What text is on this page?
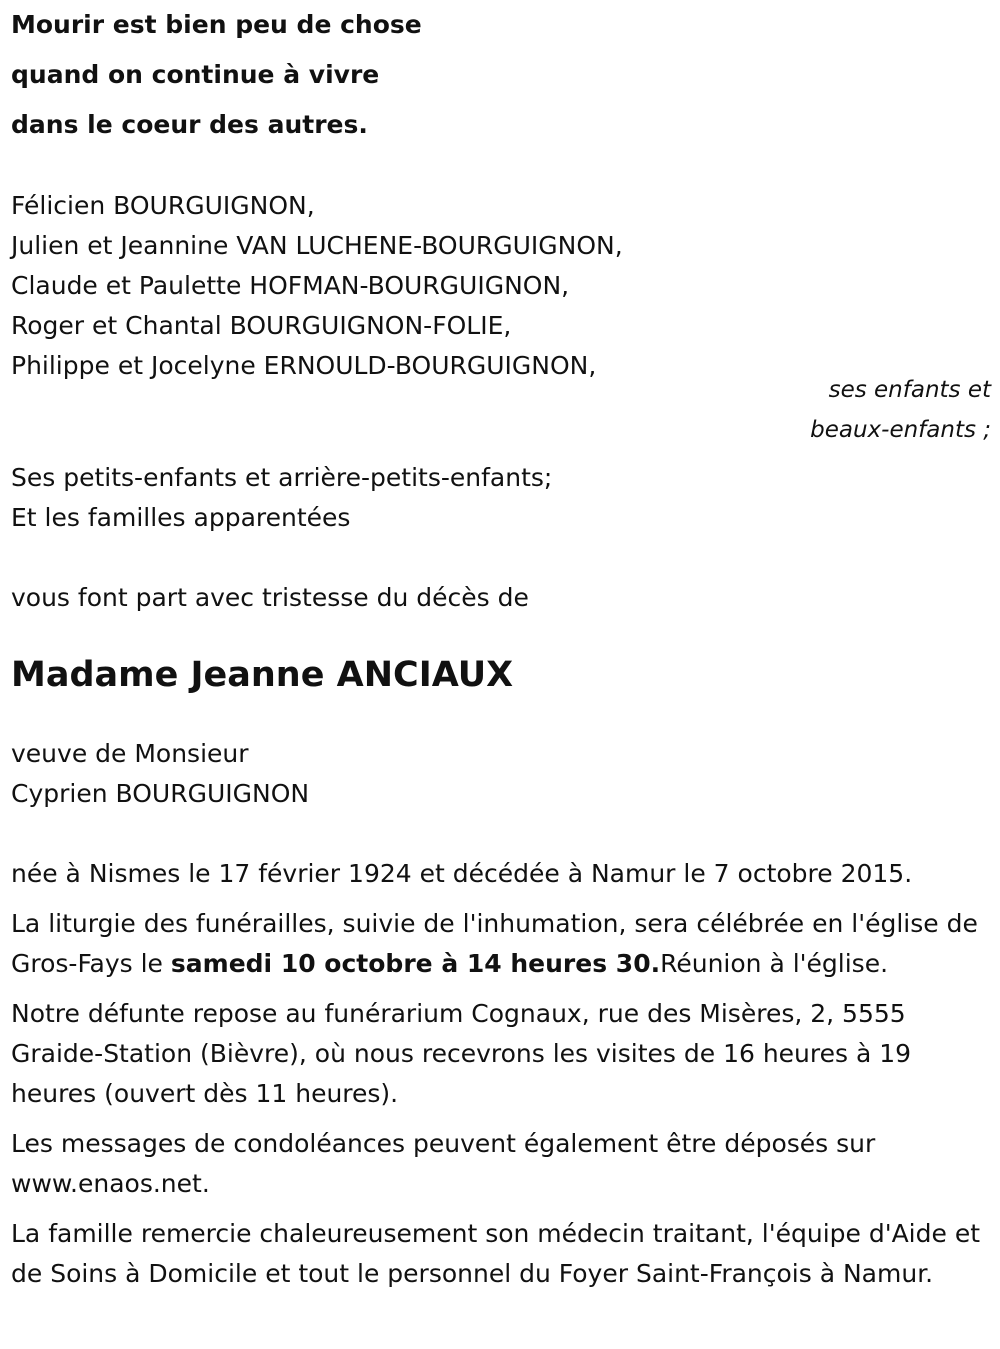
Mourir est bien peu de chose
quand on continue à vivre
dans le coeur des autres.
Félicien BOURGUIGNON,
Julien et Jeannine VAN LUCHENE-BOURGUIGNON,
Claude et Paulette HOFMAN-BOURGUIGNON,
Roger et Chantal BOURGUIGNON-FOLIE,
Philippe et Jocelyne ERNOULD-BOURGUIGNON,
ses enfants et
beaux-enfants ;
Ses petits-enfants et arrière-petits-enfants;
Et les familles apparentées
vous font part avec tristesse du décès de
Madame Jeanne ANCIAUX
veuve de Monsieur
Cyprien BOURGUIGNON
née à Nismes le 17 février 1924 et décédée à Namur le 7 octobre 2015.
La liturgie des funérailles, suivie de l'inhumation, sera célébrée en l'église de Gros-Fays le samedi 10 octobre à 14 heures 30.Réunion à l'église.
Notre défunte repose au funérarium Cognaux, rue des Misères, 2, 5555 Graide-Station (Bièvre), où nous recevrons les visites de 16 heures à 19 heures (ouvert dès 11 heures).
Les messages de condoléances peuvent également être déposés sur www.enaos.net.
La famille remercie chaleureusement son médecin traitant, l'équipe d'Aide et de Soins à Domicile et tout le personnel du Foyer Saint-François à Namur.
